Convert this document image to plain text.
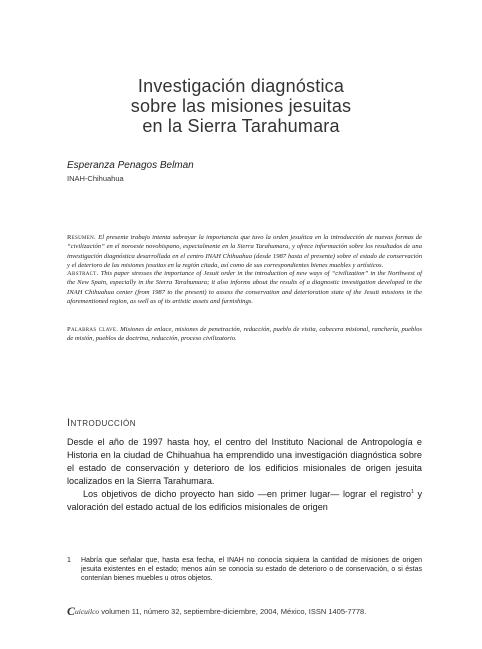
Investigación diagnóstica
sobre las misiones jesuitas
en la Sierra Tarahumara
Esperanza Penagos Belman
INAH-Chihuahua
Resumen. El presente trabajo intenta subrayar la importancia que tuvo la orden jesuítica en la introducción de nuevas formas de “civilización” en el noroeste novohispano, especialmente en la Sierra Tarahumara, y ofrece información sobre los resultados de una investigación diagnóstica desarrollada en el centro INAH Chihuahua (desde 1987 hasta el presente) sobre el estado de conservación y el deterioro de las misiones jesuitas en la región citada, así como de sus correspondientes bienes muebles y artísticos.
Abstract. This paper stresses the importance of Jesuit order in the introduction of new ways of “civilization” in the Northwest of the New Spain, especially in the Sierra Tarahumara; it also informs about the results of a diagnostic investigation developed in the INAH Chihuahua center (from 1987 to the present) to assess the conservation and deterioration state of the Jesuit missions in the aforementioned region, as well as of its artistic assets and furnishings.
Palabras clave. Misiones de enlace, misiones de penetración, reducción, pueblo de visita, cabecera misional, ranchería, pueblos de misión, pueblos de doctrina, reducción, proceso civilizatorio.
Introducción

Desde el año de 1997 hasta hoy, el centro del Instituto Nacional de Antropología e Historia en la ciudad de Chihuahua ha emprendido una investigación diagnóstica sobre el estado de conservación y deterioro de los edificios misionales de origen jesuita localizados en la Sierra Tarahumara.

Los objetivos de dicho proyecto han sido —en primer lugar— lograr el registro$^1$ y valoración del estado actual de los edificios misionales de origen

1 Habría que señalar que, hasta esa fecha, el INAH no conocía siquiera la cantidad de misiones de origen jesuita existentes en el estado; menos aún se conocía su estado de deterioro o de conservación, o si éstas contenían bienes muebles u otros objetos.
Cuicuilco volumen 11, número 32, septiembre-diciembre, 2004, México, ISSN 1405-7778.
